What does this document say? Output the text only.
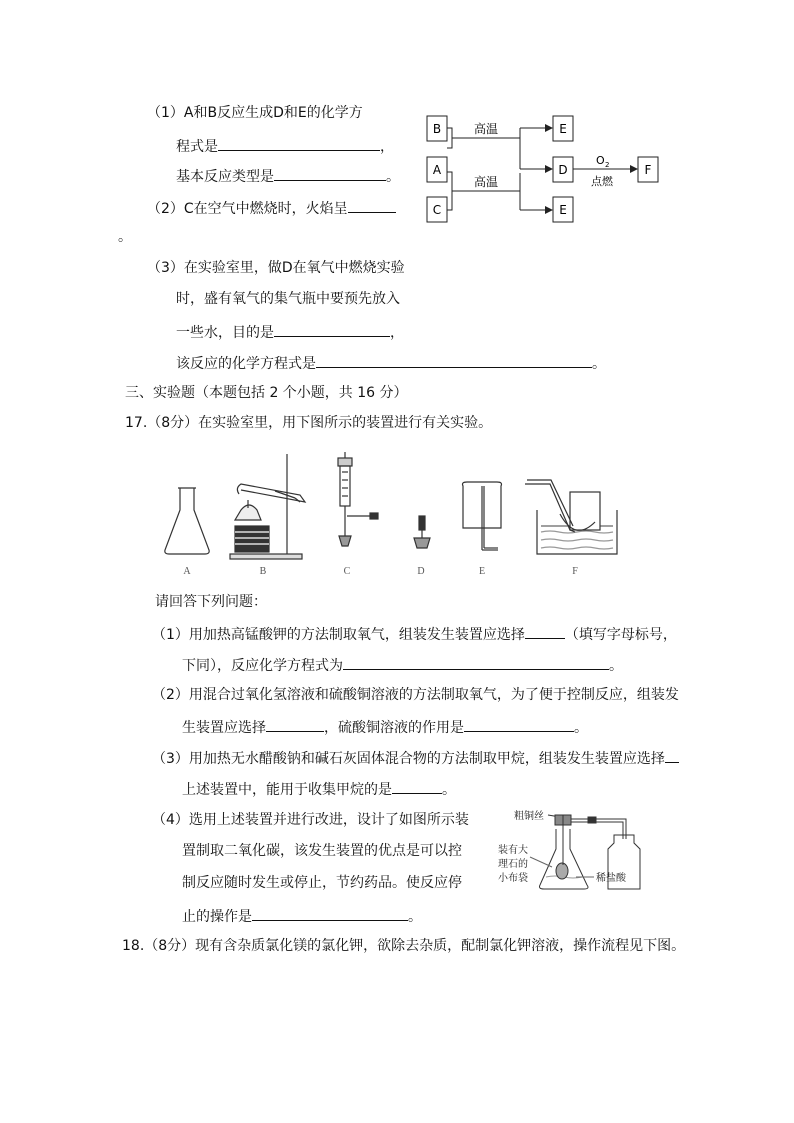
（1）A和B反应生成D和E的化学方
程式是	，
基本反应类型是	。
（2）C在空气中燃烧时，火焰呈
。
（3）在实验室里，做D在氧气中燃烧实验
时，盛有氧气的集气瓶中要预先放入
一些水，目的是	，
该反应的化学方程式是	。
B
A
C
E
D
E
F
高温
高温
O 2
点燃
三、实验题（本题包括 2 个小题，共 16 分）
17.（8分）在实验室里，用下图所示的装置进行有关实验。
A	B	C	D	E	F
请回答下列问题：
（1）用加热高锰酸钾的方法制取氧气，组装发生装置应选择	（填写字母标号，
下同），反应化学方程式为	。
（2）用混合过氧化氢溶液和硫酸铜溶液的方法制取氧气，为了便于控制反应，组装发
生装置应选择	，硫酸铜溶液的作用是	。
（3）用加热无水醋酸钠和碱石灰固体混合物的方法制取甲烷，组装发生装置应选择
上述装置中，能用于收集甲烷的是	。
（4）选用上述装置并进行改进，设计了如图所示装
置制取二氧化碳，该发生装置的优点是可以控
制反应随时发生或停止，节约药品。使反应停
止的操作是	。
粗铜丝
装有大
理石的
小布袋	稀盐酸
18.（8分）现有含杂质氯化镁的氯化钾，欲除去杂质，配制氯化钾溶液，操作流程见下图。
